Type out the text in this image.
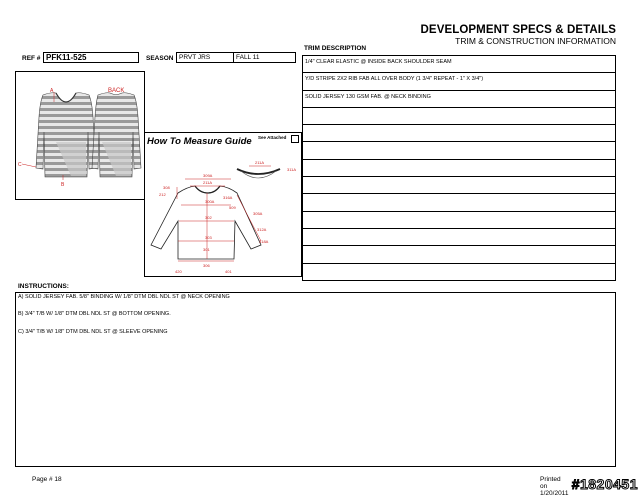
DEVELOPMENT SPECS & DETAILS
TRIM & CONSTRUCTION INFORMATION
REF # PFK11-525	SEASON PRVT JRS	FALL 11
A
B
C
BACK
211A
311A
309A
211A
300A
302
303
301
306
308
212
316A
509
305A
312A
318A
420	401
How To Measure Guide See Attached
TRIM DESCRIPTION
1/4" CLEAR ELASTIC @ INSIDE BACK SHOULDER SEAM
Y/D STRIPE 2X2 RIB FAB ALL OVER BODY (1 3/4" REPEAT - 1" X 3/4")
SOLID JERSEY 130 GSM FAB. @ NECK BINDING
INSTRUCTIONS:
A) SOLID JERSEY FAB. 5/8" BINDING W/ 1/8" DTM DBL NDL ST @ NECK OPENING
B) 3/4" T/B W/ 1/8" DTM DBL NDL ST @ BOTTOM OPENING.
C) 3/4" T/B W/ 1/8" DTM DBL NDL ST @ SLEEVE OPENING
Page # 18	Printed on 1/20/2011
#1820451
